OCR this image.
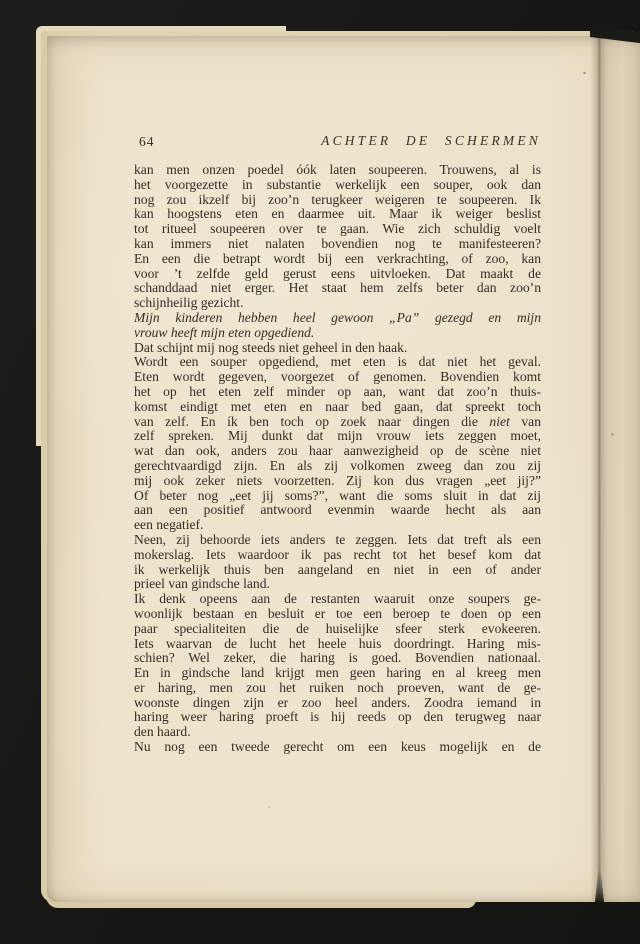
64	ACHTER DE SCHERMEN
kan men onzen poedel óók laten soupeeren. Trouwens, al is
het voorgezette in substantie werkelijk een souper, ook dan
nog zou ikzelf bij zoo’n terugkeer weigeren te soupeeren. Ik
kan hoogstens eten en daarmee uit. Maar ik weiger beslist
tot ritueel soupeeren over te gaan. Wie zich schuldig voelt
kan immers niet nalaten bovendien nog te manifesteeren?
En een die betrapt wordt bij een verkrachting, of zoo, kan
voor ’t zelfde geld gerust eens uitvloeken. Dat maakt de
schanddaad niet erger. Het staat hem zelfs beter dan zoo’n
schijnheilig gezicht.
Mijn kinderen hebben heel gewoon „Pa” gezegd en mijn
vrouw heeft mijn eten opgediend.
Dat schijnt mij nog steeds niet geheel in den haak.
Wordt een souper opgediend, met eten is dat niet het geval.
Eten wordt gegeven, voorgezet of genomen. Bovendien komt
het op het eten zelf minder op aan, want dat zoo’n thuis-
komst eindigt met eten en naar bed gaan, dat spreekt toch
van zelf. En ík ben toch op zoek naar dingen die niet van
zelf spreken. Mij dunkt dat mijn vrouw iets zeggen moet,
wat dan ook, anders zou haar aanwezigheid op de scène niet
gerechtvaardigd zijn. En als zij volkomen zweeg dan zou zij
mij ook zeker niets voorzetten. Zij kon dus vragen „eet jij?”
Of beter nog „eet jij soms?”, want die soms sluit in dat zij
aan een positief antwoord evenmin waarde hecht als aan
een negatief.
Neen, zij behoorde iets anders te zeggen. Iets dat treft als een
mokerslag. Iets waardoor ik pas recht tot het besef kom dat
ik werkelijk thuis ben aangeland en niet in een of ander
prieel van gindsche land.
Ik denk opeens aan de restanten waaruit onze soupers ge-
woonlijk bestaan en besluit er toe een beroep te doen op een
paar specialiteiten die de huiselijke sfeer sterk evokeeren.
Iets waarvan de lucht het heele huis doordringt. Haring mis-
schien? Wel zeker, die haring is goed. Bovendien nationaal.
En in gindsche land krijgt men geen haring en al kreeg men
er haring, men zou het ruiken noch proeven, want de ge-
woonste dingen zijn er zoo heel anders. Zoodra iemand in
haring weer haring proeft is hij reeds op den terugweg naar
den haard.
Nu nog een tweede gerecht om een keus mogelijk en de
